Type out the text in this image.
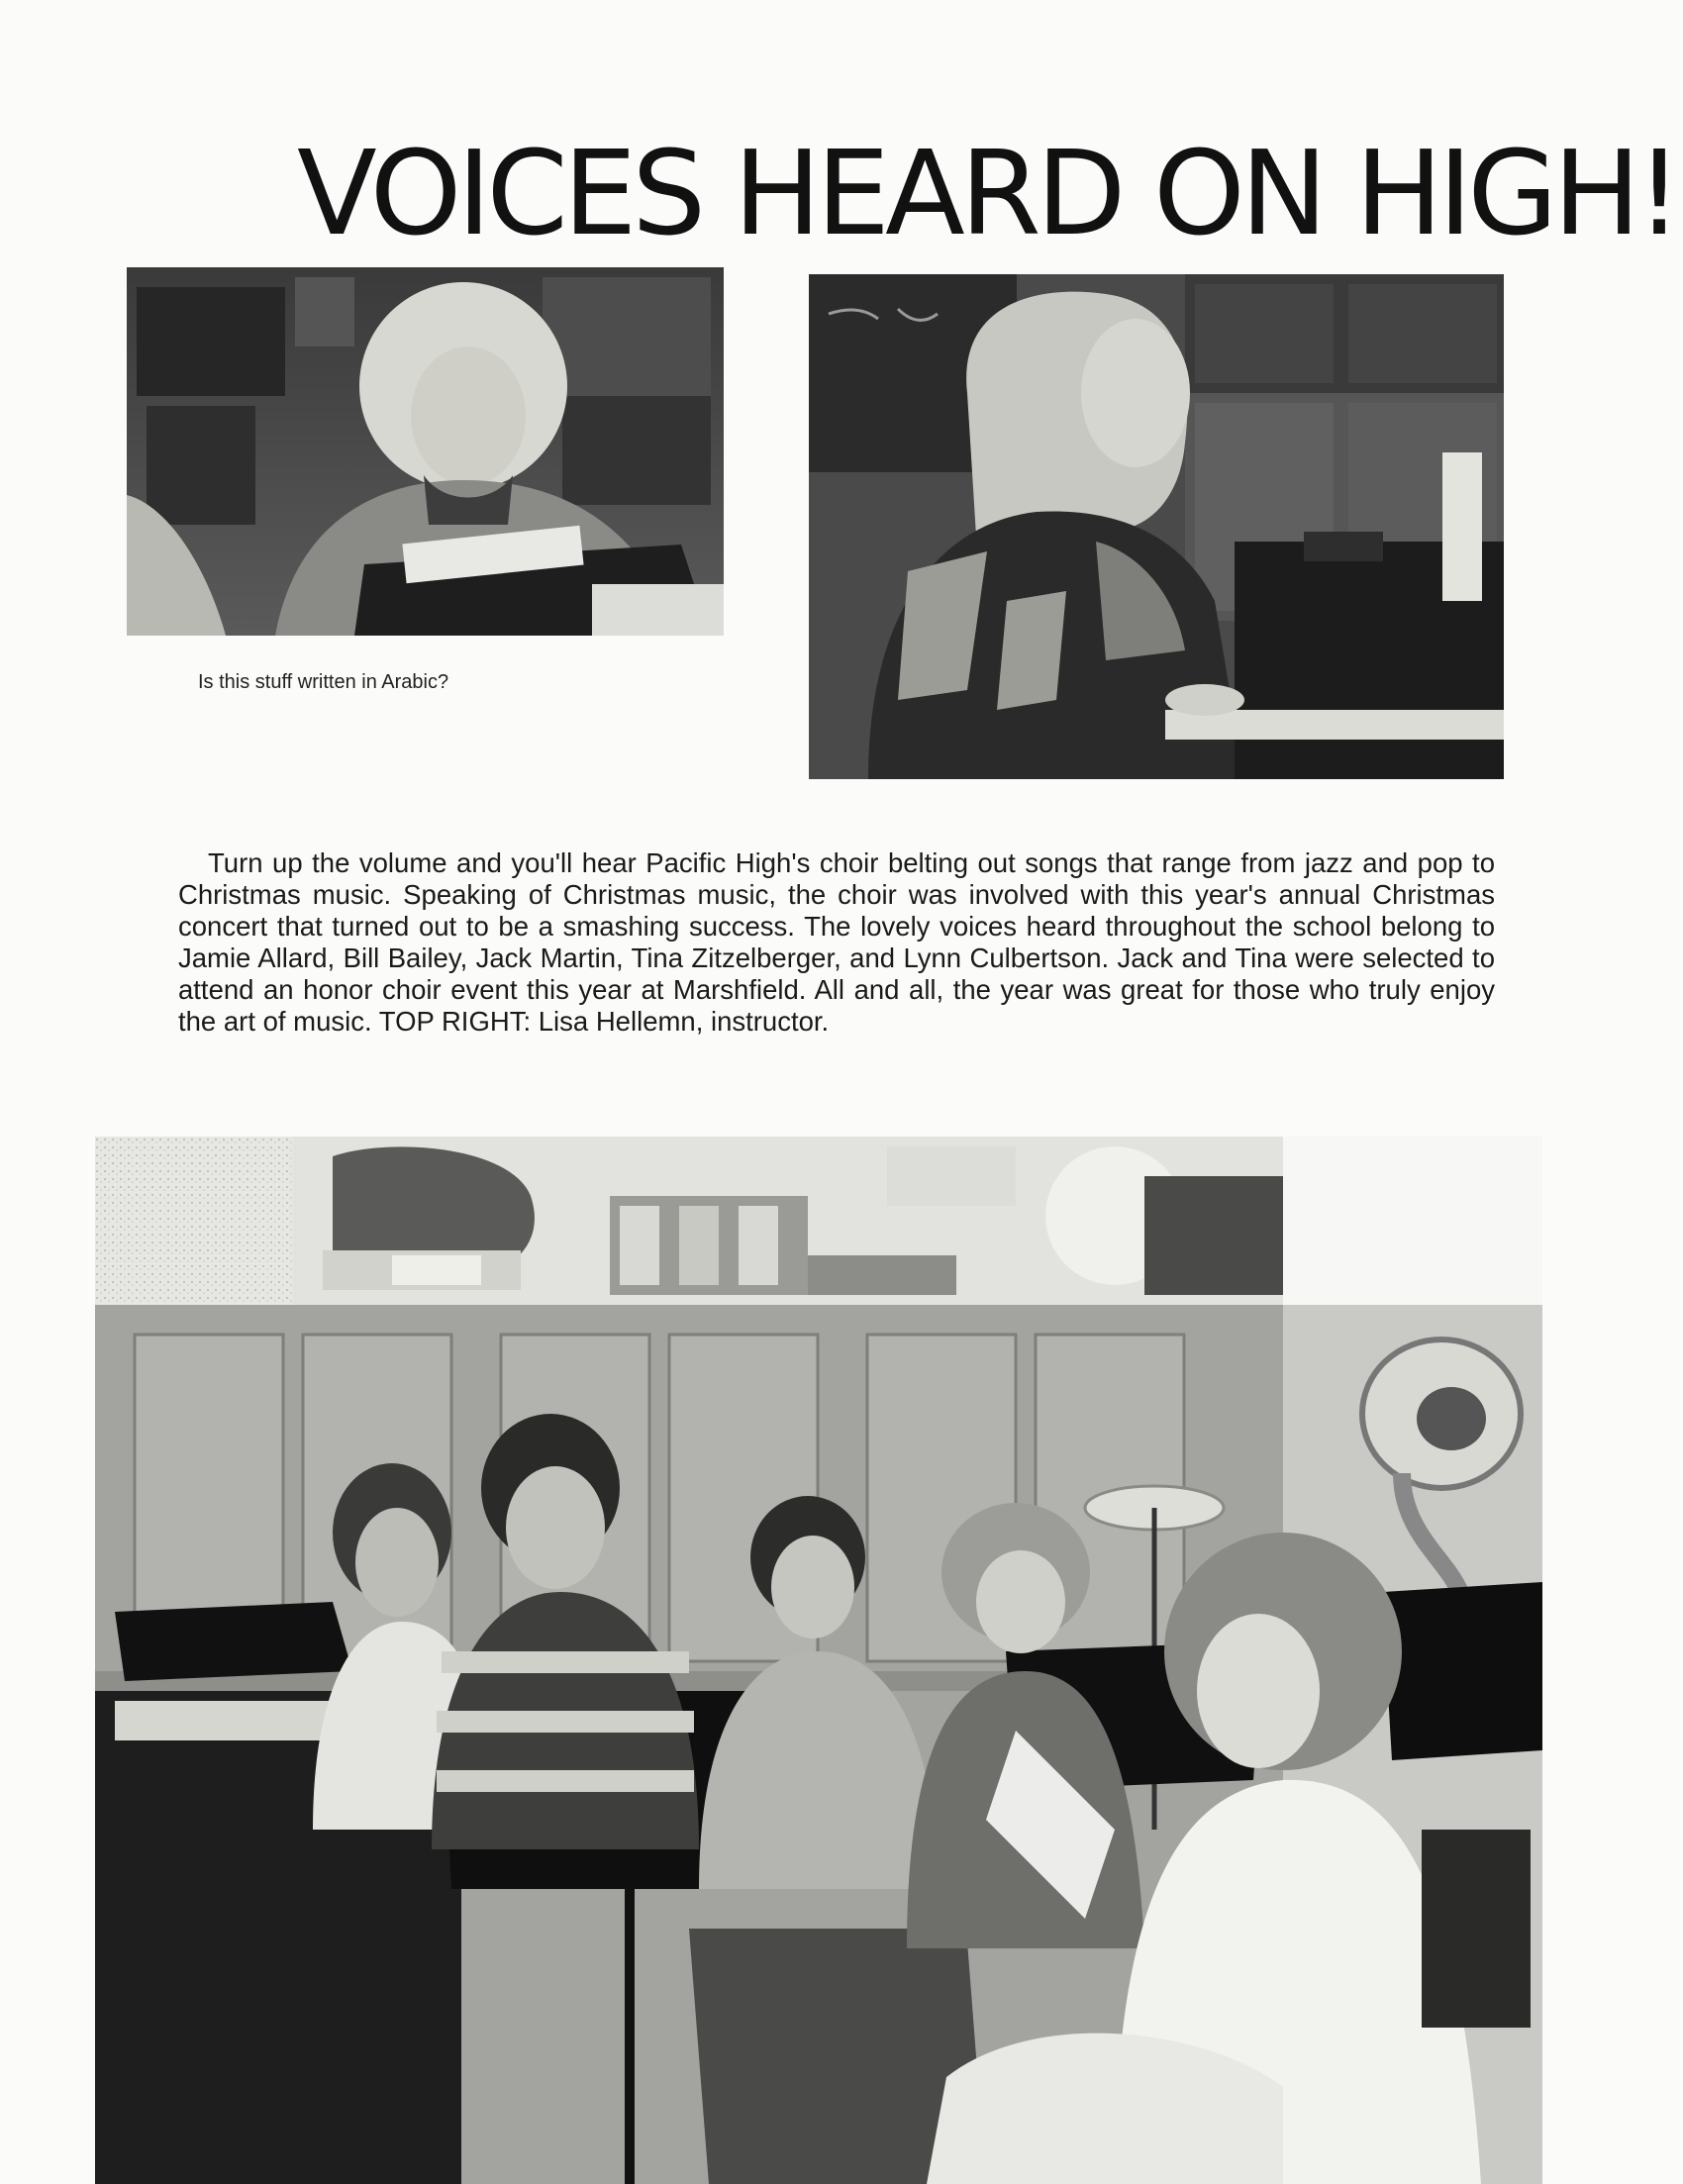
VOICES HEARD ON HIGH!

Is this stuff written in Arabic?

Turn up the volume and you'll hear Pacific High's choir belting out songs that range from jazz and pop to Christmas music. Speaking of Christmas music, the choir was involved with this year's annual Christmas concert that turned out to be a smashing success. The lovely voices heard throughout the school belong to Jamie Allard, Bill Bailey, Jack Martin, Tina Zitzelberger, and Lynn Culbertson. Jack and Tina were selected to attend an honor choir event this year at Marshfield. All and all, the year was great for those who truly enjoy the art of music. TOP RIGHT: Lisa Hellemn, instructor.
